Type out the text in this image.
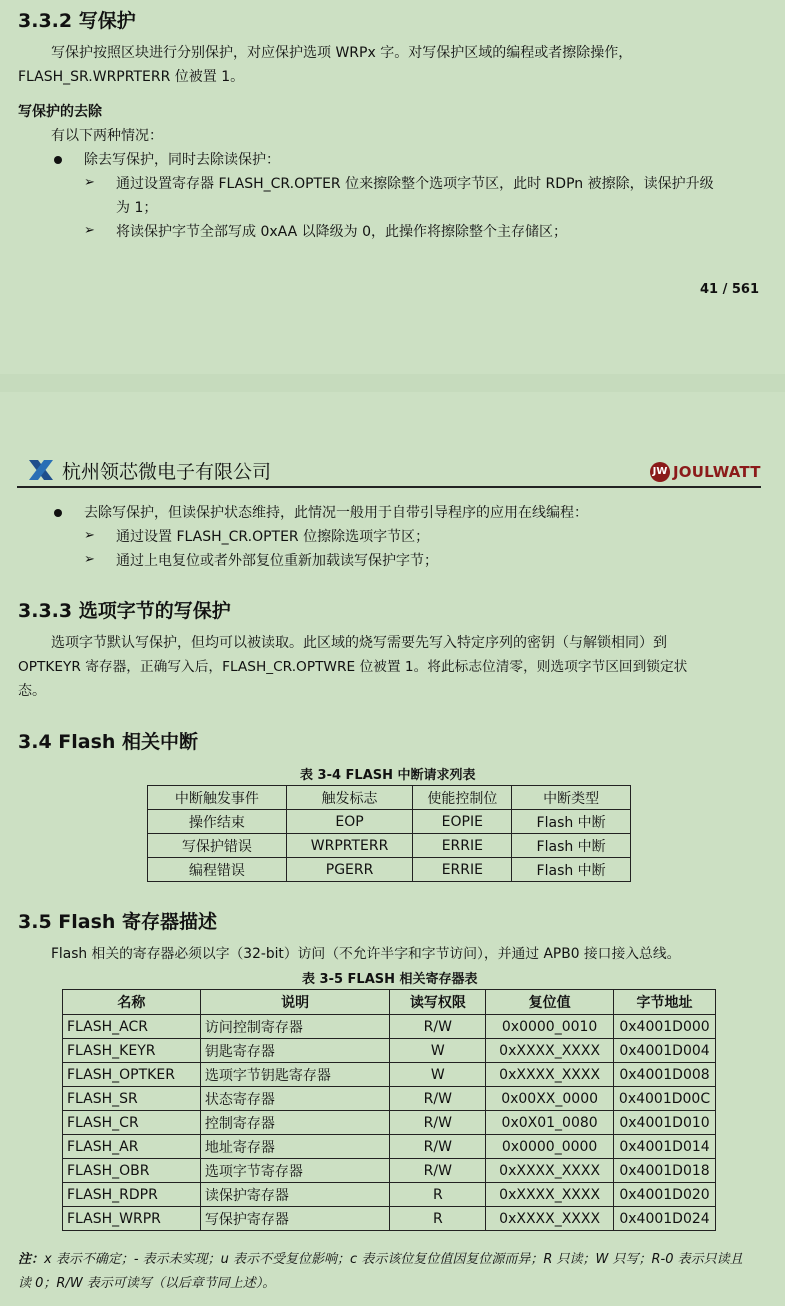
3.3.2 写保护
写保护按照区块进行分别保护，对应保护选项 WRPx 字。对写保护区域的编程或者擦除操作，
FLASH_SR.WRPRTERR 位被置 1。
写保护的去除
有以下两种情况：
除去写保护，同时去除读保护：
➢ 通过设置寄存器 FLASH_CR.OPTER 位来擦除整个选项字节区，此时 RDPn 被擦除，读保护升级
为 1；
➢ 将读保护字节全部写成 0xAA 以降级为 0，此操作将擦除整个主存储区；
41 / 561
杭州领芯微电子有限公司	JW JOULWATT
去除写保护，但读保护状态维持，此情况一般用于自带引导程序的应用在线编程：
➢ 通过设置 FLASH_CR.OPTER 位擦除选项字节区；
➢ 通过上电复位或者外部复位重新加载读写保护字节；
3.3.3 选项字节的写保护
选项字节默认写保护，但均可以被读取。此区域的烧写需要先写入特定序列的密钥（与解锁相同）到
OPTKEYR 寄存器，正确写入后，FLASH_CR.OPTWRE 位被置 1。将此标志位清零，则选项字节区回到锁定状
态。
3.4 Flash 相关中断
表 3-4 FLASH 中断请求列表
中断触发事件	触发标志	使能控制位	中断类型
操作结束	EOP	EOPIE	Flash 中断
写保护错误	WRPRTERR	ERRIE	Flash 中断
编程错误	PGERR	ERRIE	Flash 中断
3.5 Flash 寄存器描述
Flash 相关的寄存器必须以字（32-bit）访问（不允许半字和字节访问），并通过 APB0 接口接入总线。
表 3-5 FLASH 相关寄存器表
名称	说明	读写权限	复位值	字节地址
FLASH_ACR	访问控制寄存器	R/W	0x0000_0010	0x4001D000
FLASH_KEYR	钥匙寄存器	W	0xXXXX_XXXX	0x4001D004
FLASH_OPTKER	选项字节钥匙寄存器	W	0xXXXX_XXXX	0x4001D008
FLASH_SR	状态寄存器	R/W	0x00XX_0000	0x4001D00C
FLASH_CR	控制寄存器	R/W	0x0X01_0080	0x4001D010
FLASH_AR	地址寄存器	R/W	0x0000_0000	0x4001D014
FLASH_OBR	选项字节寄存器	R/W	0xXXXX_XXXX	0x4001D018
FLASH_RDPR	读保护寄存器	R	0xXXXX_XXXX	0x4001D020
FLASH_WRPR	写保护寄存器	R	0xXXXX_XXXX	0x4001D024
注：x 表示不确定；- 表示未实现；u 表示不受复位影响；c 表示该位复位值因复位源而异；R 只读；W 只写；R-0 表示只读且
读 0；R/W 表示可读写（以后章节同上述）。
